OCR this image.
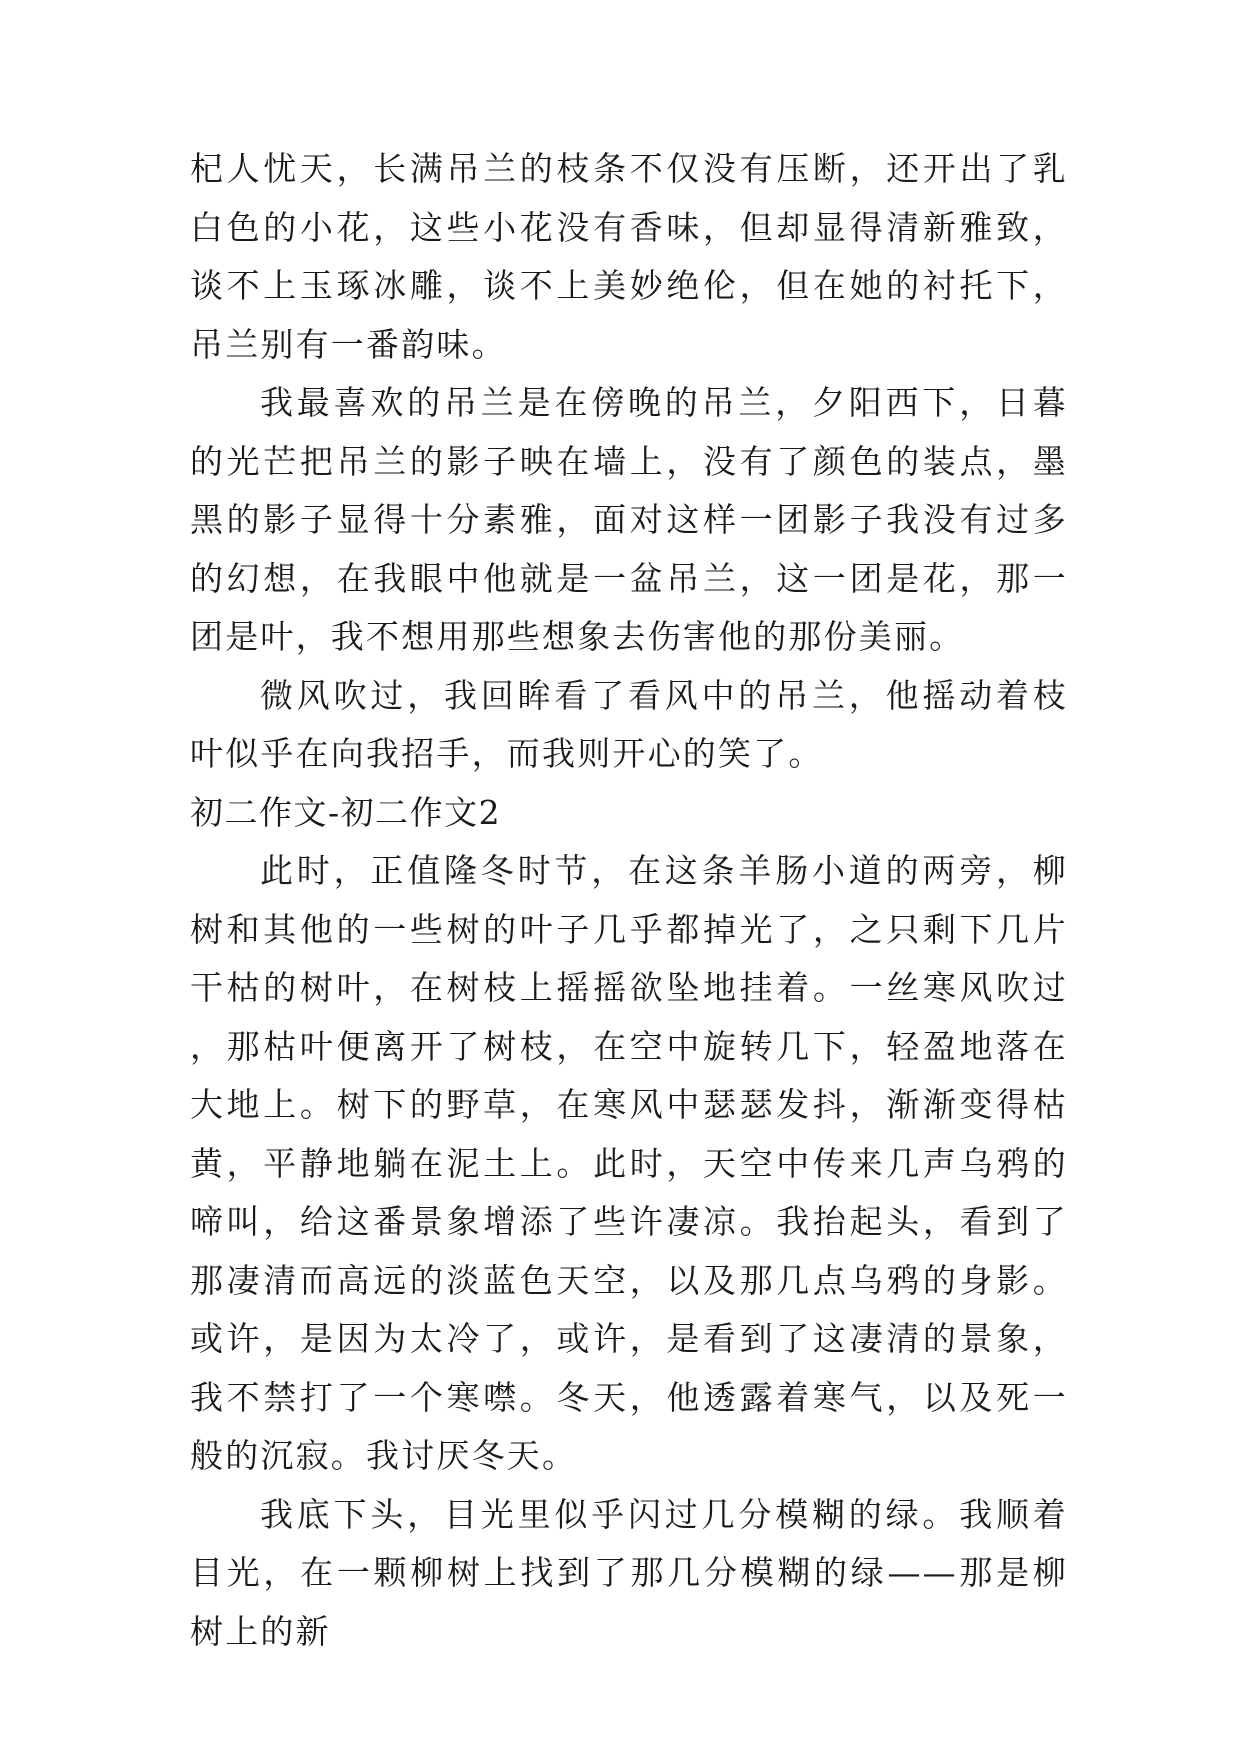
杞人忧天，长满吊兰的枝条不仅没有压断，还开出了乳白色的小花，这些小花没有香味，但却显得清新雅致，谈不上玉琢冰雕，谈不上美妙绝伦，但在她的衬托下，吊兰别有一番韵味。

我最喜欢的吊兰是在傍晚的吊兰，夕阳西下，日暮的光芒把吊兰的影子映在墙上，没有了颜色的装点，墨黑的影子显得十分素雅，面对这样一团影子我没有过多的幻想，在我眼中他就是一盆吊兰，这一团是花，那一团是叶，我不想用那些想象去伤害他的那份美丽。

微风吹过，我回眸看了看风中的吊兰，他摇动着枝叶似乎在向我招手，而我则开心的笑了。

初二作文-初二作文2

此时，正值隆冬时节，在这条羊肠小道的两旁，柳树和其他的一些树的叶子几乎都掉光了，之只剩下几片干枯的树叶，在树枝上摇摇欲坠地挂着。一丝寒风吹过，那枯叶便离开了树枝，在空中旋转几下，轻盈地落在大地上。树下的野草，在寒风中瑟瑟发抖，渐渐变得枯黄，平静地躺在泥土上。此时，天空中传来几声乌鸦的啼叫，给这番景象增添了些许凄凉。我抬起头，看到了那凄清而高远的淡蓝色天空，以及那几点乌鸦的身影。或许，是因为太冷了，或许，是看到了这凄清的景象，我不禁打了一个寒噤。冬天，他透露着寒气，以及死一般的沉寂。我讨厌冬天。

我底下头，目光里似乎闪过几分模糊的绿。我顺着目光，在一颗柳树上找到了那几分模糊的绿——那是柳树上的新
